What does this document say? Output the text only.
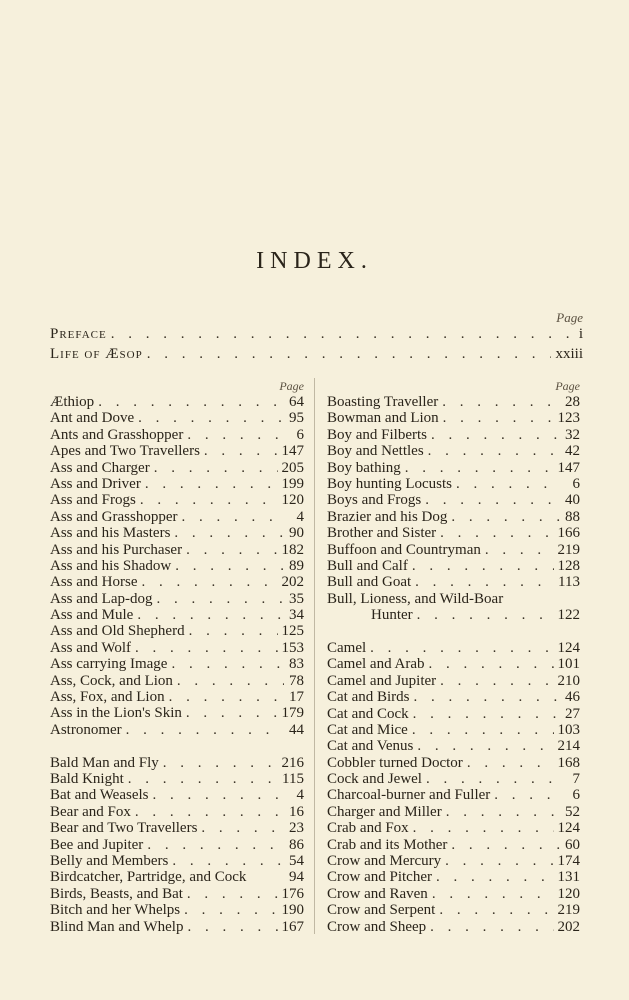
INDEX.
Page
Preface . . .	i
Life of Æsop . . .	xxiii
Page
Æthiop . . .	64
Ant and Dove . . .	95
Ants and Grasshopper . . .	6
Apes and Two Travellers . . .	147
Ass and Charger . . .	205
Ass and Driver . . .	199
Ass and Frogs . . .	120
Ass and Grasshopper . . .	4
Ass and his Masters . . .	90
Ass and his Purchaser . . .	182
Ass and his Shadow . . .	89
Ass and Horse . . .	202
Ass and Lap-dog . . .	35
Ass and Mule . . .	34
Ass and Old Shepherd . . .	125
Ass and Wolf . . .	153
Ass carrying Image . . .	83
Ass, Cock, and Lion . . .	78
Ass, Fox, and Lion . . .	17
Ass in the Lion's Skin . . .	179
Astronomer . . .	44
Bald Man and Fly . . .	216
Bald Knight . . .	115
Bat and Weasels . . .	4
Bear and Fox . . .	16
Bear and Two Travellers . . .	23
Bee and Jupiter . . .	86
Belly and Members . . .	54
Birdcatcher, Partridge, and Cock	94
Birds, Beasts, and Bat . . .	176
Bitch and her Whelps . . .	190
Blind Man and Whelp . . .	167
Page
Boasting Traveller . . .	28
Bowman and Lion . . .	123
Boy and Filberts . . .	32
Boy and Nettles . . .	42
Boy bathing . . .	147
Boy hunting Locusts . . .	6
Boys and Frogs . . .	40
Brazier and his Dog . . .	88
Brother and Sister . . .	166
Buffoon and Countryman . . .	219
Bull and Calf . . .	128
Bull and Goat . . .	113
Bull, Lioness, and Wild-Boar
Hunter . . .	122
Camel . . .	124
Camel and Arab . . .	101
Camel and Jupiter . . .	210
Cat and Birds . . .	46
Cat and Cock . . .	27
Cat and Mice . . .	103
Cat and Venus . . .	214
Cobbler turned Doctor . . .	168
Cock and Jewel . . .	7
Charcoal-burner and Fuller . . .	6
Charger and Miller . . .	52
Crab and Fox . . .	124
Crab and its Mother . . .	60
Crow and Mercury . . .	174
Crow and Pitcher . . .	131
Crow and Raven . . .	120
Crow and Serpent . . .	219
Crow and Sheep . . .	202
